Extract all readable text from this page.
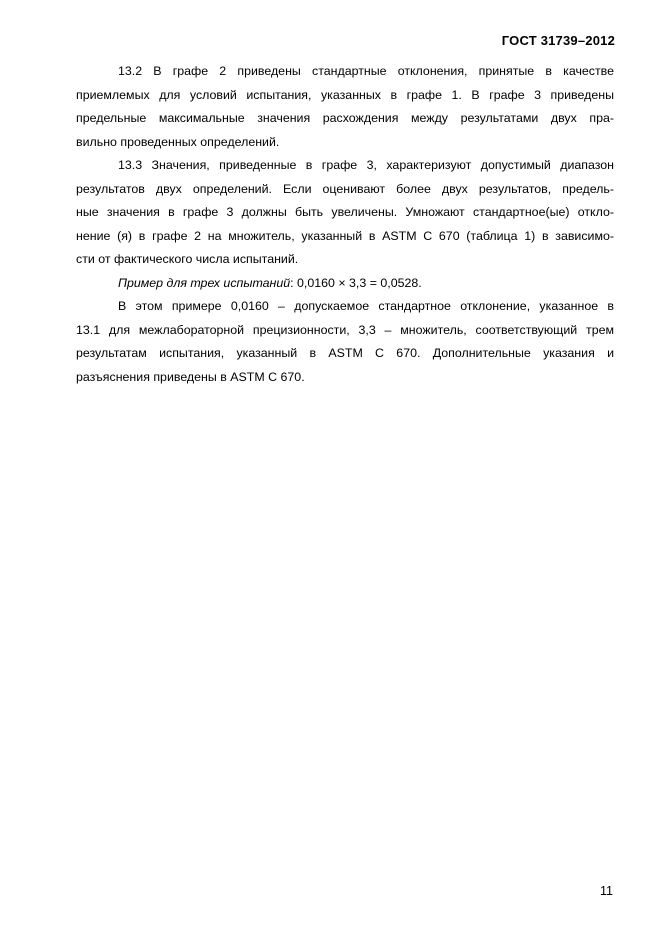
ГОСТ 31739–2012
13.2 В графе 2 приведены стандартные отклонения, принятые в качестве
приемлемых для условий испытания, указанных в графе 1. В графе 3 приведены
предельные максимальные значения расхождения между результатами двух пра-
вильно проведенных определений.
13.3 Значения, приведенные в графе 3, характеризуют допустимый диапазон
результатов двух определений. Если оценивают более двух результатов, предель-
ные значения в графе 3 должны быть увеличены. Умножают стандартное(ые) откло-
нение (я) в графе 2 на множитель, указанный в ASTM C 670 (таблица 1) в зависимо-
сти от фактического числа испытаний.
Пример для трех испытаний: 0,0160 × 3,3 = 0,0528.
В этом примере 0,0160 – допускаемое стандартное отклонение, указанное в
13.1 для межлабораторной прецизионности, 3,3 – множитель, соответствующий трем
результатам испытания, указанный в ASTM C 670. Дополнительные указания и
разъяснения приведены в ASTM C 670.
11
